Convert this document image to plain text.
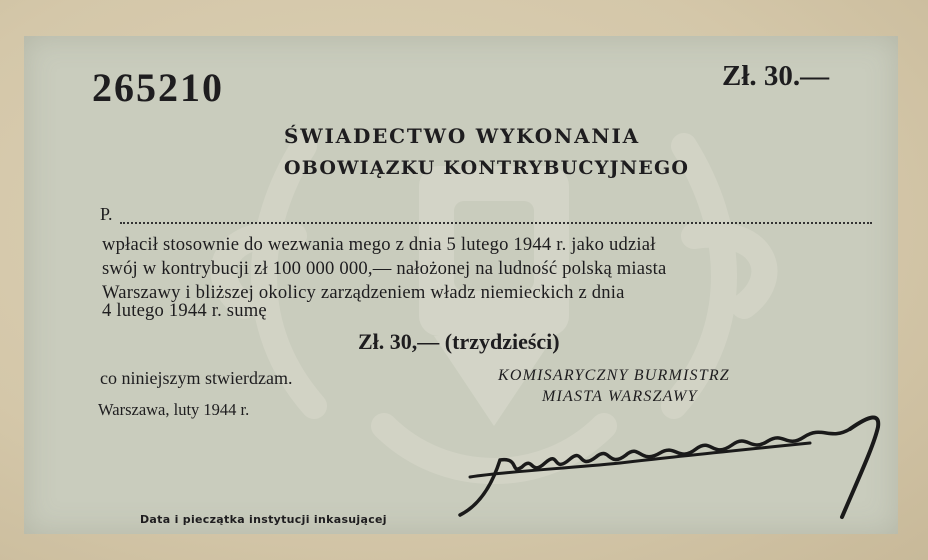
265210	Zł. 30.—
ŚWIADECTWO WYKONANIA
OBOWIĄZKU KONTRYBUCYJNEGO
P.
wpłacił stosownie do wezwania mego z dnia 5 lutego 1944 r. jako udział
swój w kontrybucji zł 100 000 000,— nałożonej na ludność polską miasta
Warszawy i bliższej okolicy zarządzeniem władz niemieckich z dnia
4 lutego 1944 r. sumę
Zł. 30,— (trzydzieści)
co niniejszym stwierdzam.	KOMISARYCZNY BURMISTRZ
MIASTA WARSZAWY
Warszawa, luty 1944 r.
Data i pieczątka instytucji inkasującej
